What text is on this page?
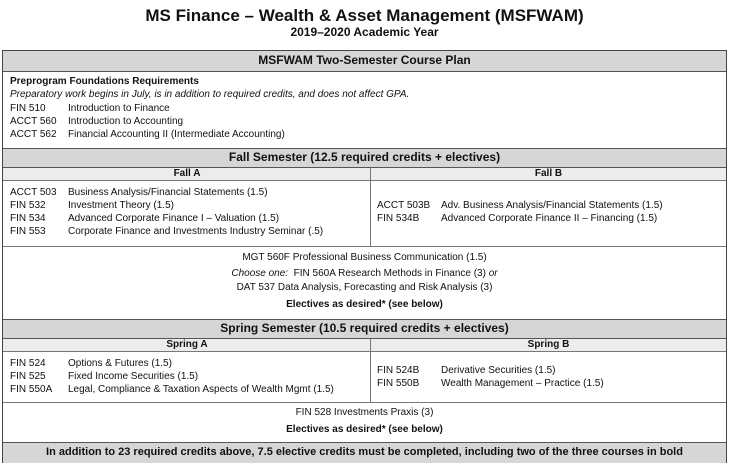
MS Finance – Wealth & Asset Management (MSFWAM)
2019–2020 Academic Year
MSFWAM Two-Semester Course Plan
Preprogram Foundations Requirements
Preparatory work begins in July, is in addition to required credits, and does not affect GPA.
FIN 510 Introduction to Finance
ACCT 560 Introduction to Accounting
ACCT 562 Financial Accounting II (Intermediate Accounting)
Fall Semester (12.5 required credits + electives)
Fall A	Fall B
ACCT 503 Business Analysis/Financial Statements (1.5)
FIN 532 Investment Theory (1.5)
FIN 534 Advanced Corporate Finance I – Valuation (1.5)
FIN 553 Corporate Finance and Investments Industry Seminar (.5)
ACCT 503B Adv. Business Analysis/Financial Statements (1.5)
FIN 534B Advanced Corporate Finance II – Financing (1.5)
MGT 560F Professional Business Communication (1.5)
Choose one: FIN 560A Research Methods in Finance (3) or
DAT 537 Data Analysis, Forecasting and Risk Analysis (3)
Electives as desired* (see below)
Spring Semester (10.5 required credits + electives)
Spring A	Spring B
FIN 524 Options & Futures (1.5)
FIN 525 Fixed Income Securities (1.5)
FIN 550A Legal, Compliance & Taxation Aspects of Wealth Mgmt (1.5)
FIN 524B Derivative Securities (1.5)
FIN 550B Wealth Management – Practice (1.5)
FIN 528 Investments Praxis (3)
Electives as desired* (see below)
In addition to 23 required credits above, 7.5 elective credits must be completed, including two of the three courses in bold
